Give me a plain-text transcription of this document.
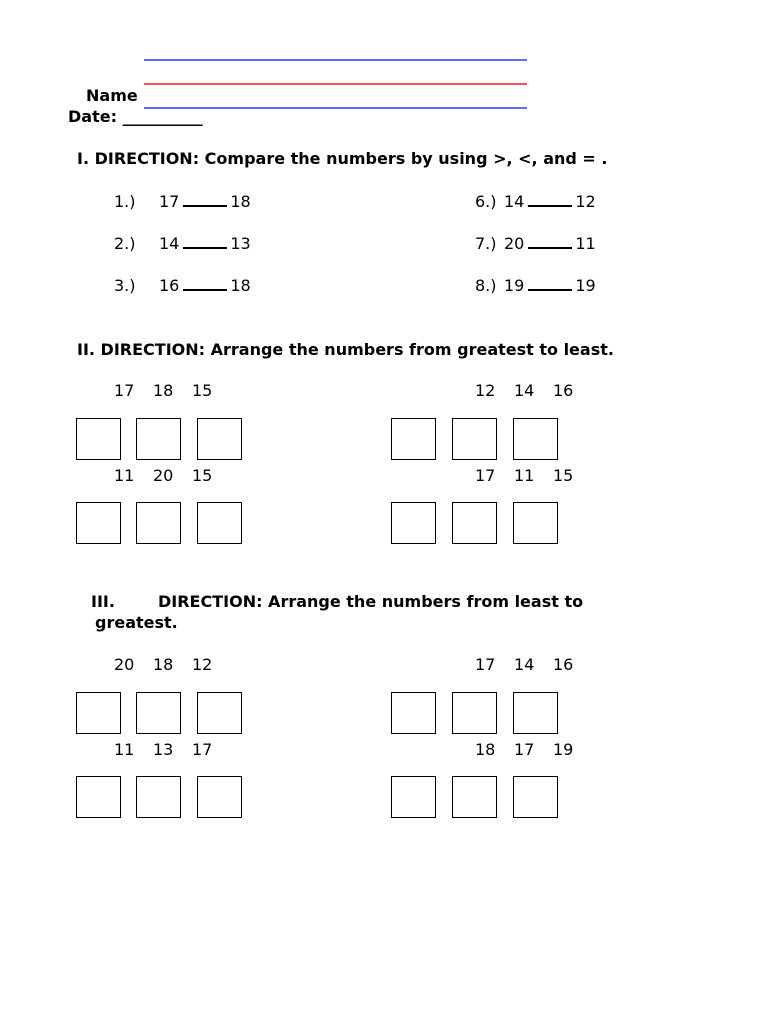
Name
Date: __________
I. DIRECTION: Compare the numbers by using >, <, and = .
1.) 17	18
2.) 14	13
3.) 16	18
6.) 14	12
7.) 20	11
8.) 19	19
II. DIRECTION: Arrange the numbers from greatest to least.
17 18 15	12 14 16
11 20 15	17 11 15
III.	DIRECTION: Arrange the numbers from least to
greatest.
20 18 12	17 14 16
11 13 17	18 17 19
